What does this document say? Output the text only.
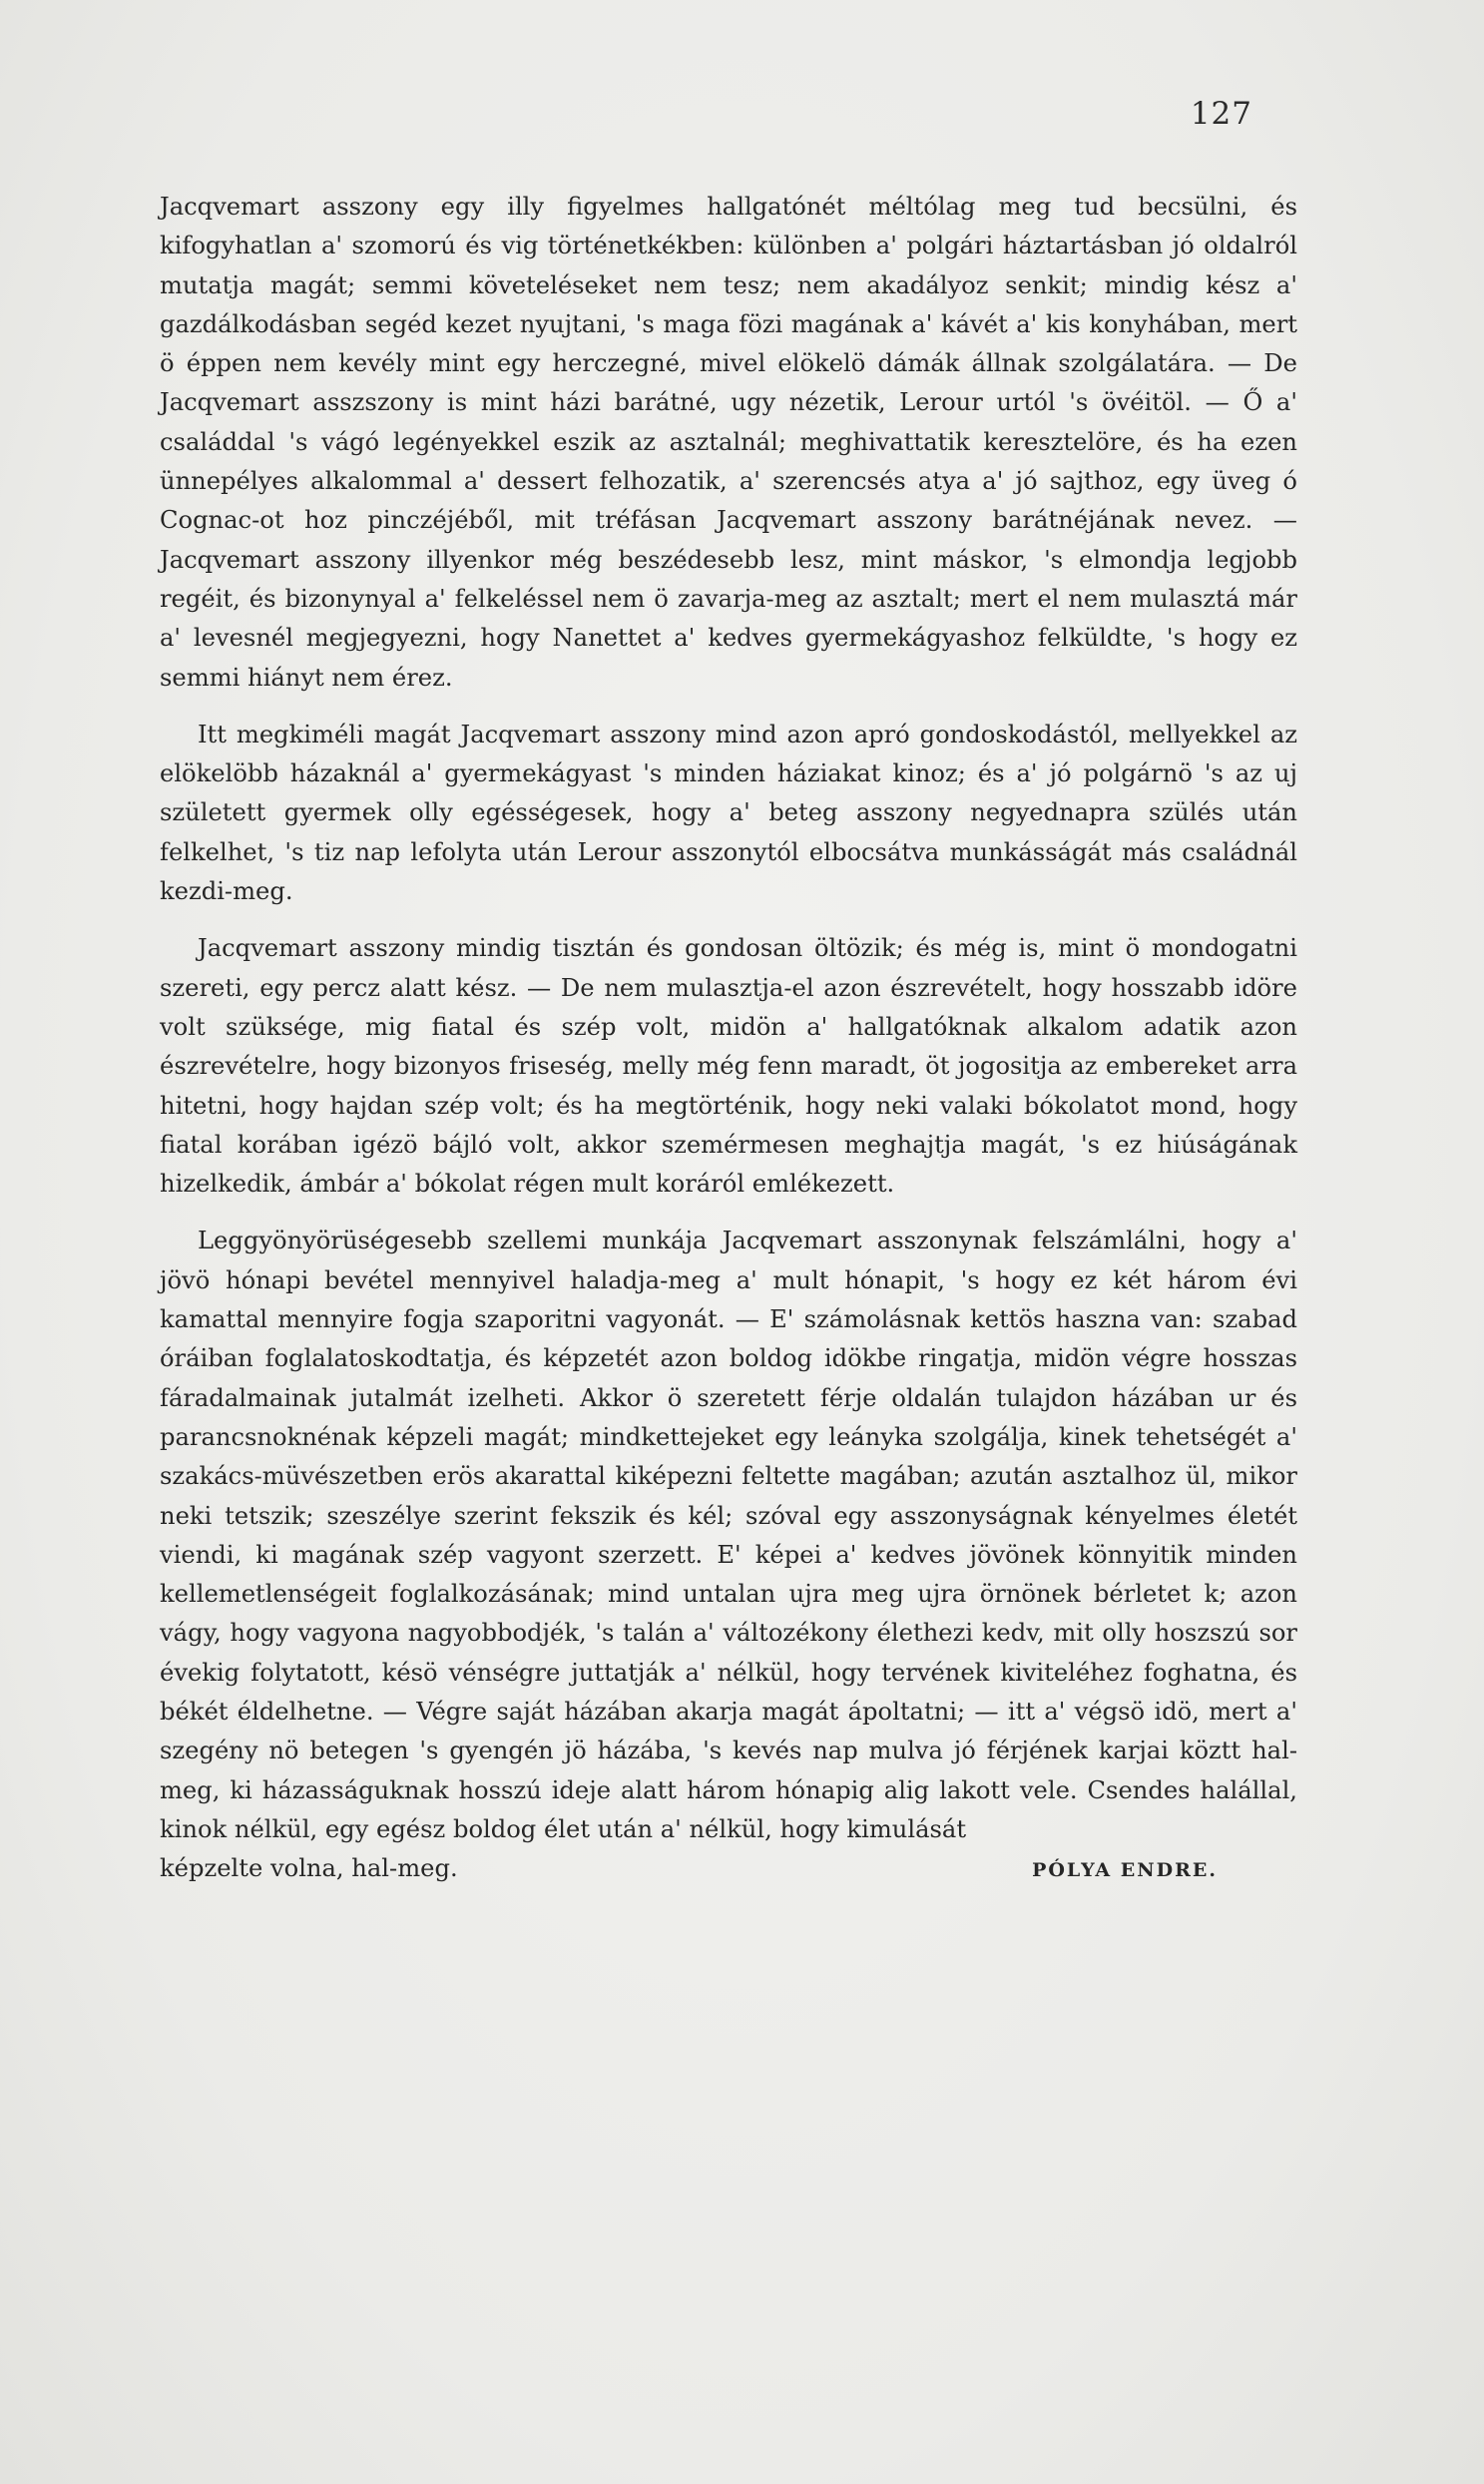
127

Jacqvemart asszony egy illy figyelmes hallgatónét méltólag meg tud becsülni, és kifogyhatlan a' szomorú és vig történetkékben: különben a' polgári háztartásban jó oldalról mutatja magát; semmi követeléseket nem tesz; nem akadályoz senkit; mindig kész a' gazdálkodásban segéd kezet nyujtani, 's maga fözi magának a' kávét a' kis konyhában, mert ö éppen nem kevély mint egy herczegné, mivel elökelö dámák állnak szolgálatára. — De Jacqvemart asszszony is mint házi barátné, ugy nézetik, Lerour urtól 's övéitöl. — Ő a' családdal 's vágó legényekkel eszik az asztalnál; meghivattatik keresztelöre, és ha ezen ünnepélyes alkalommal a' dessert felhozatik, a' szerencsés atya a' jó sajthoz, egy üveg ó Cognac-ot hoz pinczéjéből, mit tréfásan Jacqvemart asszony barátnéjának nevez. — Jacqvemart asszony illyenkor még beszédesebb lesz, mint máskor, 's elmondja legjobb regéit, és bizonynyal a' felkeléssel nem ö zavarja-meg az asztalt; mert el nem mulasztá már a' levesnél megjegyezni, hogy Nanettet a' kedves gyermekágyashoz felküldte, 's hogy ez semmi hiányt nem érez.

Itt megkiméli magát Jacqvemart asszony mind azon apró gondoskodástól, mellyekkel az elökelöbb házaknál a' gyermekágyast 's minden háziakat kinoz; és a' jó polgárnö 's az uj született gyermek olly egésségesek, hogy a' beteg asszony negyednapra szülés után felkelhet, 's tiz nap lefolyta után Lerour asszonytól elbocsátva munkásságát más családnál kezdi-meg.

Jacqvemart asszony mindig tisztán és gondosan öltözik; és még is, mint ö mondogatni szereti, egy percz alatt kész. — De nem mulasztja-el azon észrevételt, hogy hosszabb idöre volt szüksége, mig fiatal és szép volt, midön a' hallgatóknak alkalom adatik azon észrevételre, hogy bizonyos friseség, melly még fenn maradt, öt jogositja az embereket arra hitetni, hogy hajdan szép volt; és ha megtörténik, hogy neki valaki bókolatot mond, hogy fiatal korában igézö bájló volt, akkor szemérmesen meghajtja magát, 's ez hiúságának hizelkedik, ámbár a' bókolat régen mult koráról emlékezett.

Leggyönyörüségesebb szellemi munkája Jacqvemart asszonynak felszámlálni, hogy a' jövö hónapi bevétel mennyivel haladja-meg a' mult hónapit, 's hogy ez két három évi kamattal mennyire fogja szaporitni vagyonát. — E' számolásnak kettös haszna van: szabad óráiban foglalatoskodtatja, és képzetét azon boldog idökbe ringatja, midön végre hosszas fáradalmainak jutalmát izelheti. Akkor ö szeretett férje oldalán tulajdon házában ur és parancsnoknénak képzeli magát; mindkettejeket egy leányka szolgálja, kinek tehetségét a' szakács-müvészetben erös akarattal kiképezni feltette magában; azután asztalhoz ül, mikor neki tetszik; szeszélye szerint fekszik és kél; szóval egy asszonyságnak kényelmes életét viendi, ki magának szép vagyont szerzett. E' képei a' kedves jövönek könnyitik minden kellemetlenségeit foglalkozásának; mind untalan ujra meg ujra örnönek bérletet k; azon vágy, hogy vagyona nagyobbodjék, 's talán a' változékony élethezi kedv, mit olly hoszszú sor évekig folytatott, késö vénségre juttatják a' nélkül, hogy tervének kiviteléhez foghatna, és békét éldelhetne. — Végre saját házában akarja magát ápoltatni; — itt a' végsö idö, mert a' szegény nö betegen 's gyengén jö házába, 's kevés nap mulva jó férjének karjai köztt hal-meg, ki házasságuknak hosszú ideje alatt három hónapig alig lakott vele. Csendes halállal, kinok nélkül, egy egész boldog élet után a' nélkül, hogy kimulását

képzelte volna, hal-meg.	PÓLYA ENDRE.
